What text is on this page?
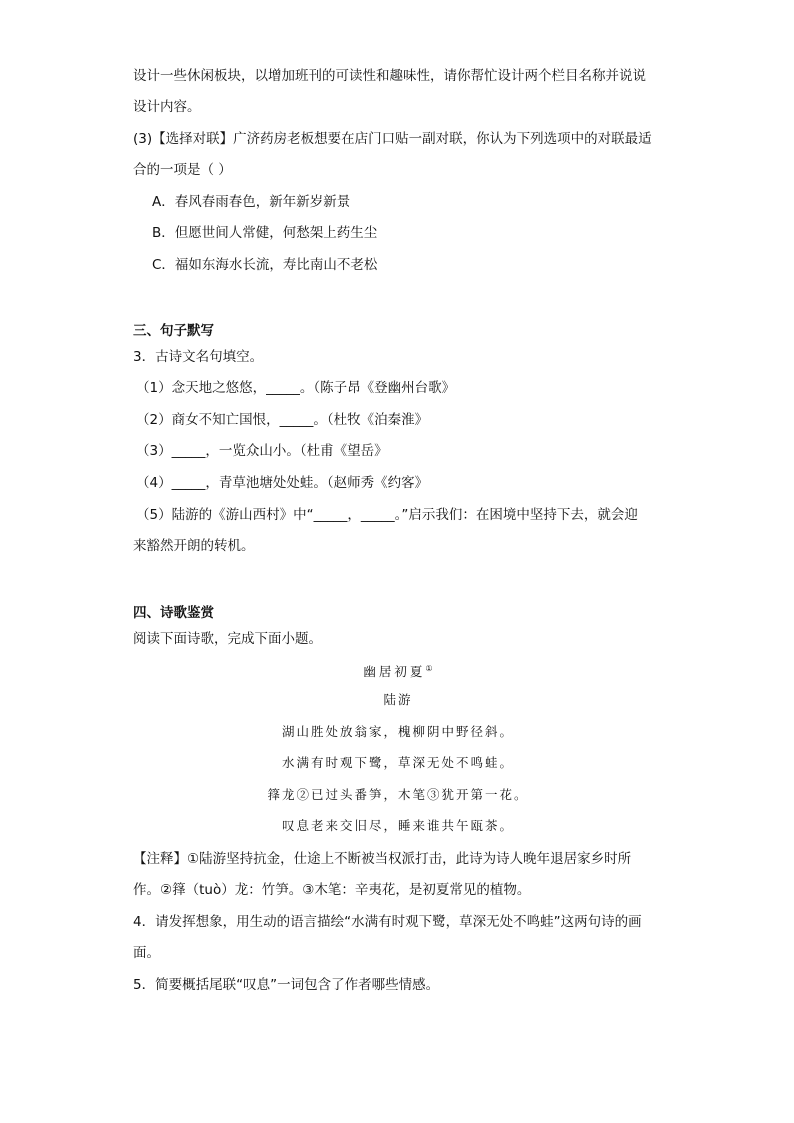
设计一些休闲板块，以增加班刊的可读性和趣味性，请你帮忙设计两个栏目名称并说说
设计内容。
(3)【选择对联】广济药房老板想要在店门口贴一副对联，你认为下列选项中的对联最适
合的一项是（ ）
A．春风春雨春色，新年新岁新景
B．但愿世间人常健，何愁架上药生尘
C．福如东海水长流，寿比南山不老松
三、句子默写
3．古诗文名句填空。
（1）念天地之悠悠，_____。（陈子昂《登幽州台歌》
（2）商女不知亡国恨，_____。（杜牧《泊秦淮》
（3）_____，一览众山小。（杜甫《望岳》
（4）_____，青草池塘处处蛙。（赵师秀《约客》
（5）陆游的《游山西村》中“_____，_____。”启示我们：在困境中坚持下去，就会迎
来豁然开朗的转机。
四、诗歌鉴赏
阅读下面诗歌，完成下面小题。
幽居初夏①
陆游
湖山胜处放翁家，槐柳阴中野径斜。
水满有时观下鹭，草深无处不鸣蛙。
箨龙②已过头番笋，木笔③犹开第一花。
叹息老来交旧尽，睡来谁共午瓯茶。
【注释】①陆游坚持抗金，仕途上不断被当权派打击，此诗为诗人晚年退居家乡时所
作。②箨（tuò）龙：竹笋。③木笔：辛夷花，是初夏常见的植物。
4．请发挥想象，用生动的语言描绘“水满有时观下鹭，草深无处不鸣蛙”这两句诗的画
面。
5．简要概括尾联“叹息”一词包含了作者哪些情感。
